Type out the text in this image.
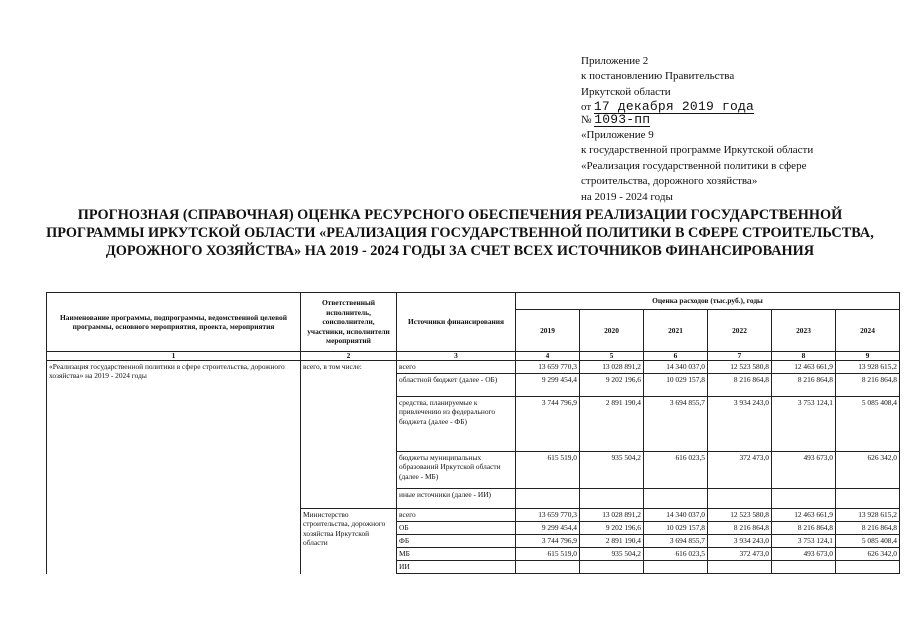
Приложение 2
к постановлению Правительства
Иркутской области
от 17 декабря 2019 года
№ 1093-пп
«Приложение 9
к государственной программе Иркутской области
«Реализация государственной политики в сфере
строительства, дорожного хозяйства»
на 2019 - 2024 годы
ПРОГНОЗНАЯ (СПРАВОЧНАЯ) ОЦЕНКА РЕСУРСНОГО ОБЕСПЕЧЕНИЯ РЕАЛИЗАЦИИ ГОСУДАРСТВЕННОЙ ПРОГРАММЫ ИРКУТСКОЙ ОБЛАСТИ «РЕАЛИЗАЦИЯ ГОСУДАРСТВЕННОЙ ПОЛИТИКИ В СФЕРЕ СТРОИТЕЛЬСТВА, ДОРОЖНОГО ХОЗЯЙСТВА» НА 2019 - 2024 ГОДЫ ЗА СЧЕТ ВСЕХ ИСТОЧНИКОВ ФИНАНСИРОВАНИЯ
Наименование программы, подпрограммы, ведомственной целевой программы, основного мероприятия, проекта, мероприятия	Ответственный исполнитель, соисполнители, участники, исполнители мероприятий	Источники финансирования	Оценка расходов (тыс.руб.), годы					
			2019	2020	2021	2022	2023	2024
1	2	3	4	5	6	7	8	9
«Реализация государственной политики в сфере строительства, дорожного хозяйства» на 2019 - 2024 годы	всего, в том числе:	всего	13 659 770,3	13 028 891,2	14 340 037,0	12 523 580,8	12 463 661,9	13 928 615,2
		областной бюджет (далее - ОБ)	9 299 454,4	9 202 196,6	10 029 157,8	8 216 864,8	8 216 864,8	8 216 864,8
		средства, планируемые к привлечению из федерального бюджета (далее - ФБ)	3 744 796,9	2 891 190,4	3 694 855,7	3 934 243,0	3 753 124,1	5 085 408,4
		бюджеты муниципальных образований Иркутской области (далее - МБ)	615 519,0	935 504,2	616 023,5	372 473,0	493 673,0	626 342,0
		иные источники (далее - ИИ)						
	Министерство строительства, дорожного хозяйства Иркутской области	всего	13 659 770,3	13 028 891,2	14 340 037,0	12 523 580,8	12 463 661,9	13 928 615,2
		ОБ	9 299 454,4	9 202 196,6	10 029 157,8	8 216 864,8	8 216 864,8	8 216 864,8
		ФБ	3 744 796,9	2 891 190,4	3 694 855,7	3 934 243,0	3 753 124,1	5 085 408,4
		МБ	615 519,0	935 504,2	616 023,5	372 473,0	493 673,0	626 342,0
		ИИ						
